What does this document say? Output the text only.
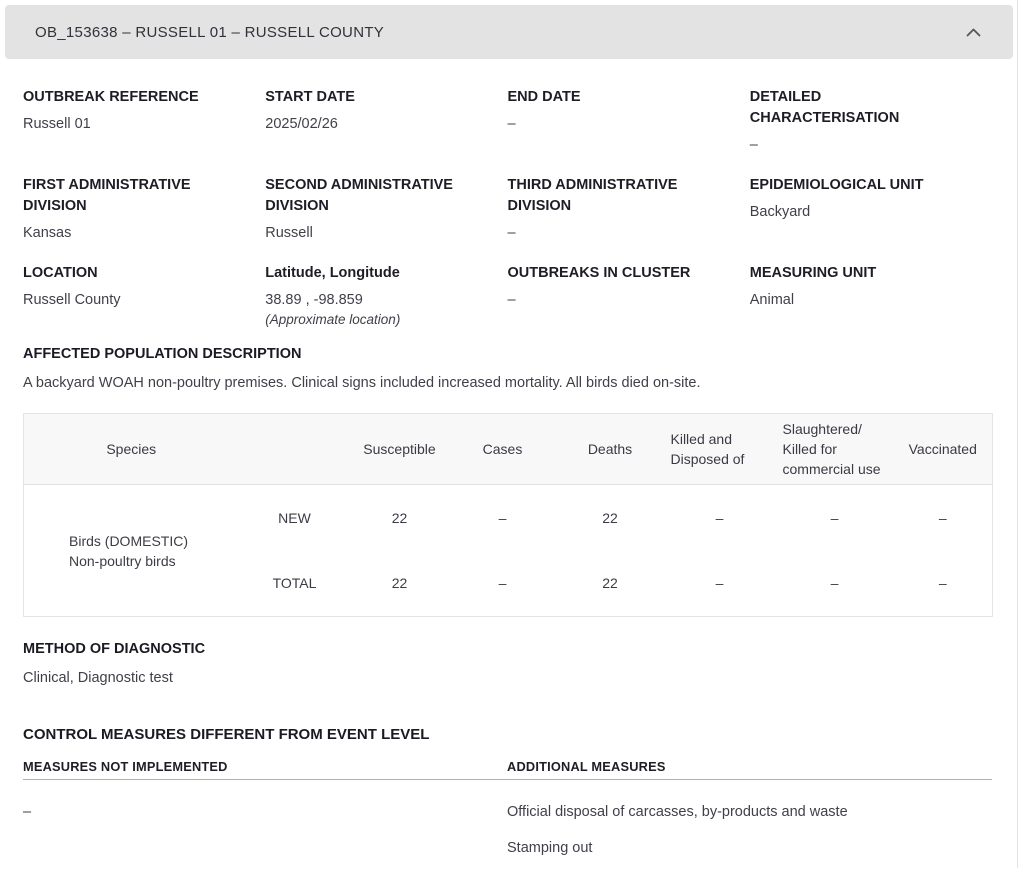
OB_153638 – RUSSELL 01 – RUSSELL COUNTY
OUTBREAK REFERENCE
Russell 01
START DATE
2025/02/26
END DATE
–
DETAILED CHARACTERISATION
–
FIRST ADMINISTRATIVE DIVISION
Kansas
SECOND ADMINISTRATIVE DIVISION
Russell
THIRD ADMINISTRATIVE DIVISION
–
EPIDEMIOLOGICAL UNIT
Backyard
LOCATION
Russell County
Latitude, Longitude
38.89 , -98.859
(Approximate location)
OUTBREAKS IN CLUSTER
–
MEASURING UNIT
Animal
AFFECTED POPULATION DESCRIPTION
A backyard WOAH non-poultry premises. Clinical signs included increased mortality. All birds died on-site.
Species		Susceptible	Cases	Deaths	Killed and Disposed of	Slaughtered/ Killed for commercial use	Vaccinated

Birds (DOMESTIC)
Non-poultry birds	NEW	22	–	22	–	–	–
	TOTAL	22	–	22	–	–	–
METHOD OF DIAGNOSTIC
Clinical, Diagnostic test
CONTROL MEASURES DIFFERENT FROM EVENT LEVEL
MEASURES NOT IMPLEMENTED	ADDITIONAL MEASURES
–	Official disposal of carcasses, by-products and waste
Stamping out
